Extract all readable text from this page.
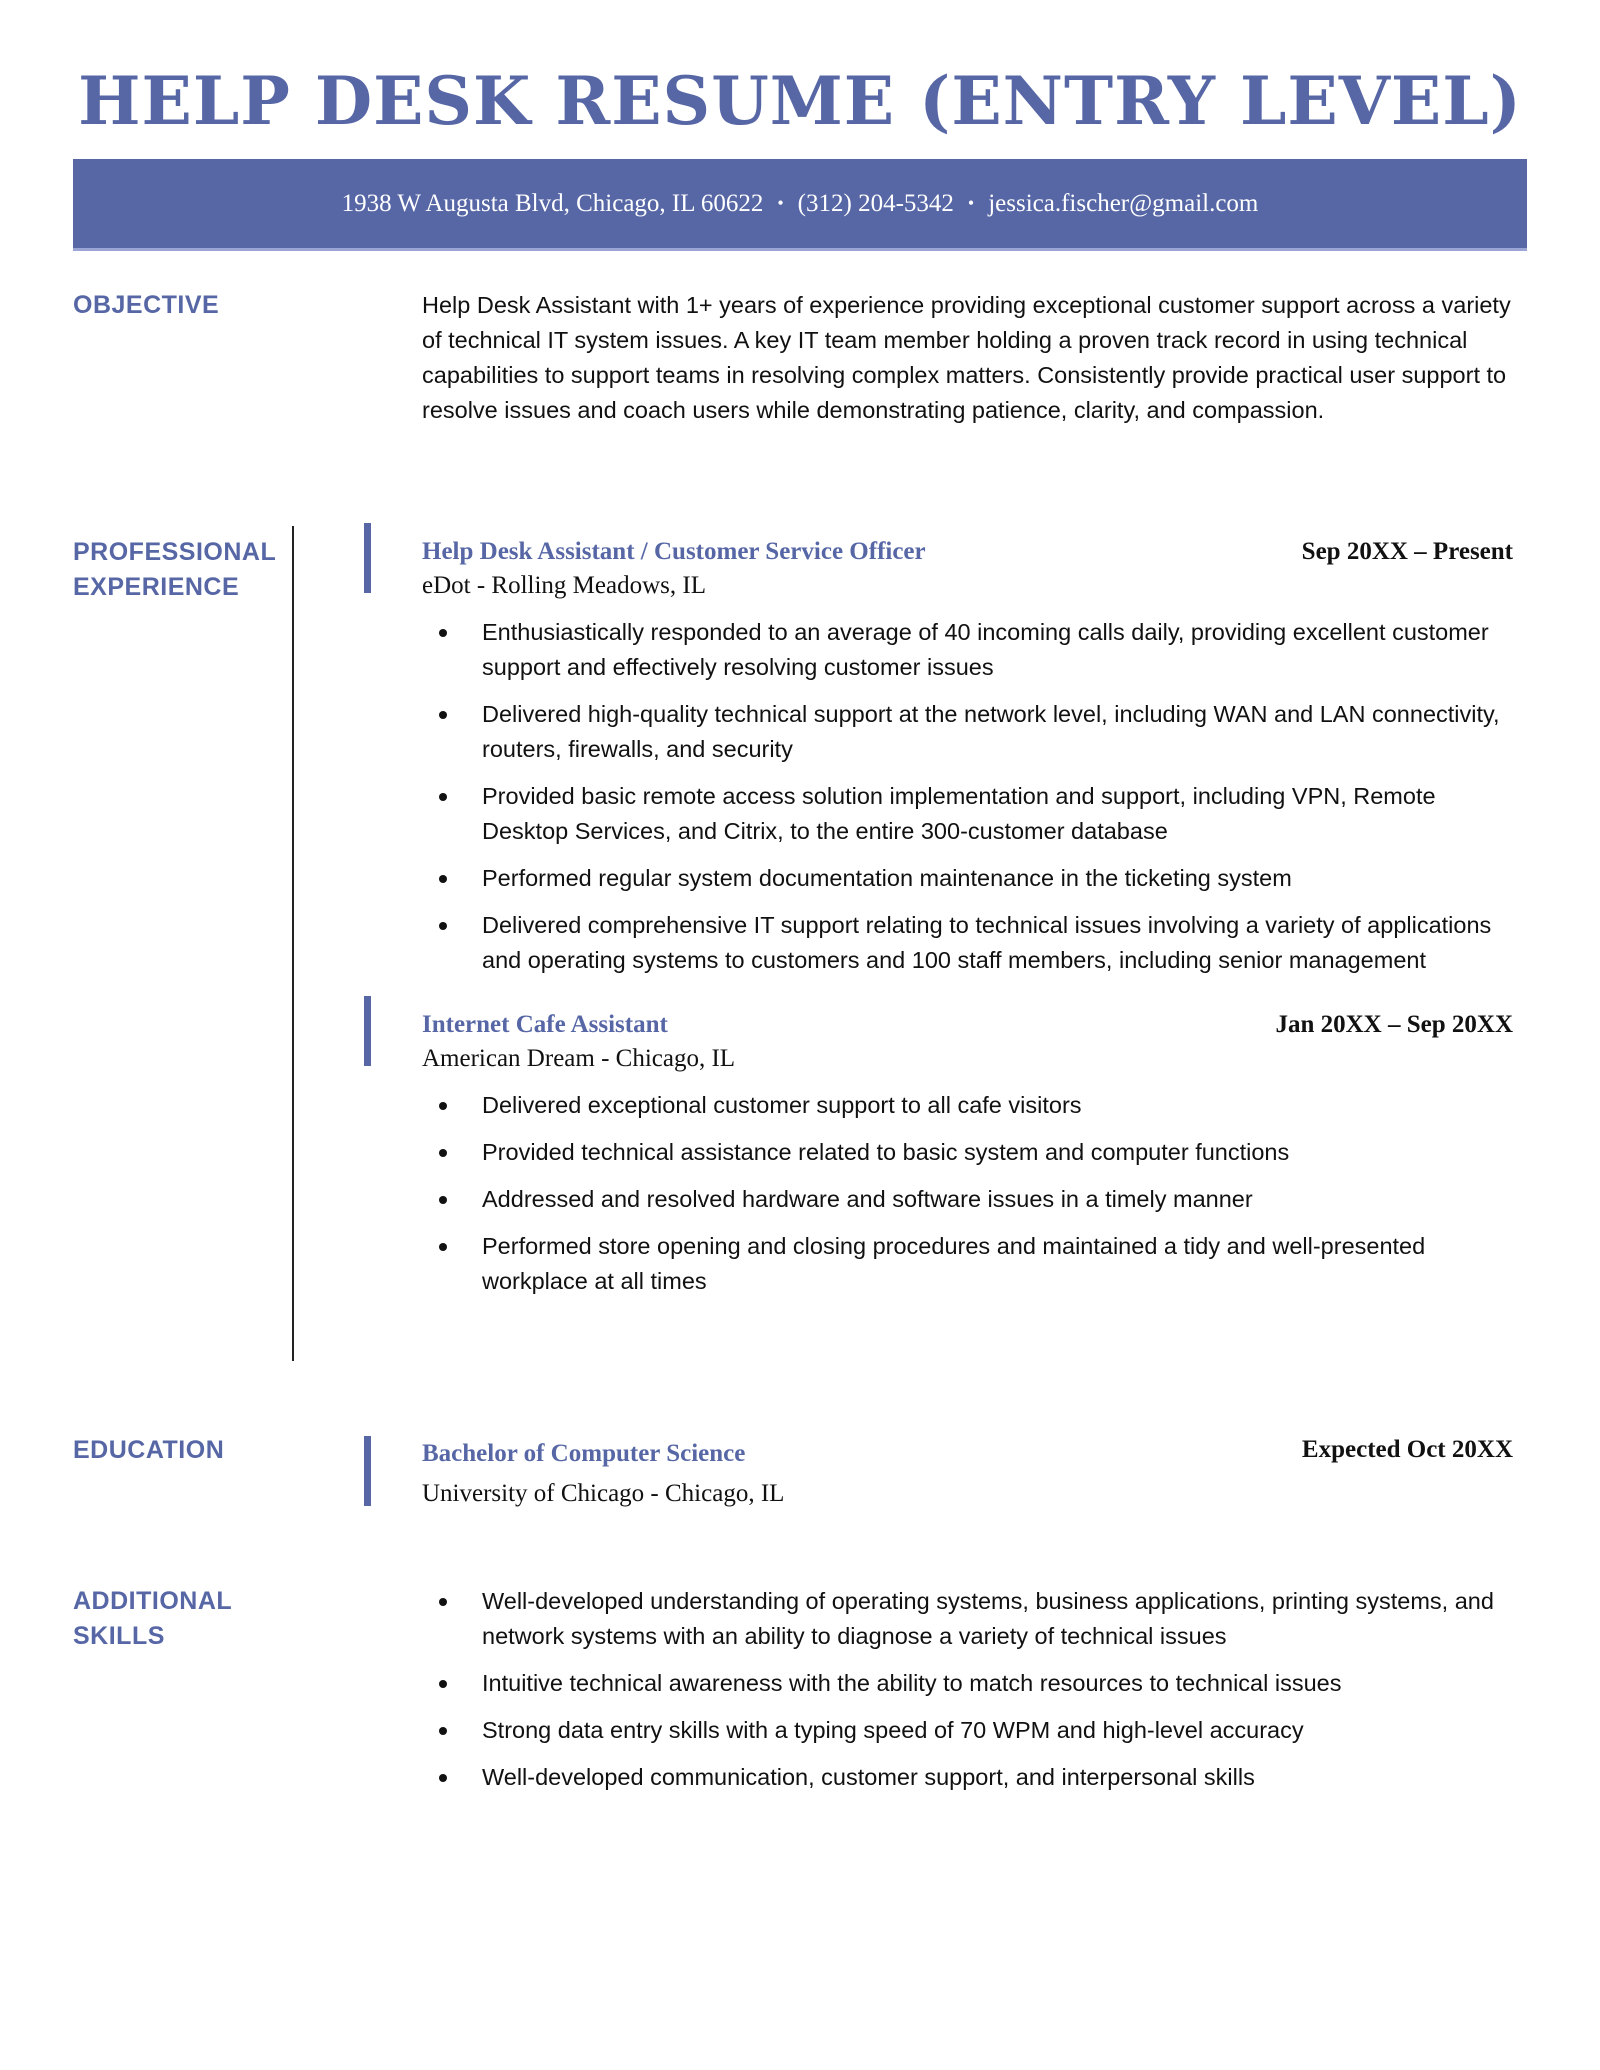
HELP DESK RESUME (ENTRY LEVEL)
1938 W Augusta Blvd, Chicago, IL 60622 • (312) 204-5342 • jessica.fischer@gmail.com
OBJECTIVE	Help Desk Assistant with 1+ years of experience providing exceptional customer support across a variety of technical IT system issues. A key IT team member holding a proven track record in using technical capabilities to support teams in resolving complex matters. Consistently provide practical user support to resolve issues and coach users while demonstrating patience, clarity, and compassion.
PROFESSIONAL EXPERIENCE
Help Desk Assistant / Customer Service Officer	Sep 20XX – Present
eDot - Rolling Meadows, IL
Enthusiastically responded to an average of 40 incoming calls daily, providing excellent customer support and effectively resolving customer issues
Delivered high-quality technical support at the network level, including WAN and LAN connectivity, routers, firewalls, and security
Provided basic remote access solution implementation and support, including VPN, Remote Desktop Services, and Citrix, to the entire 300-customer database
Performed regular system documentation maintenance in the ticketing system
Delivered comprehensive IT support relating to technical issues involving a variety of applications and operating systems to customers and 100 staff members, including senior management
Internet Cafe Assistant	Jan 20XX – Sep 20XX
American Dream - Chicago, IL
Delivered exceptional customer support to all cafe visitors
Provided technical assistance related to basic system and computer functions
Addressed and resolved hardware and software issues in a timely manner
Performed store opening and closing procedures and maintained a tidy and well-presented workplace at all times
EDUCATION	Bachelor of Computer Science	Expected Oct 20XX
University of Chicago - Chicago, IL
ADDITIONAL SKILLS
Well-developed understanding of operating systems, business applications, printing systems, and network systems with an ability to diagnose a variety of technical issues
Intuitive technical awareness with the ability to match resources to technical issues
Strong data entry skills with a typing speed of 70 WPM and high-level accuracy
Well-developed communication, customer support, and interpersonal skills
